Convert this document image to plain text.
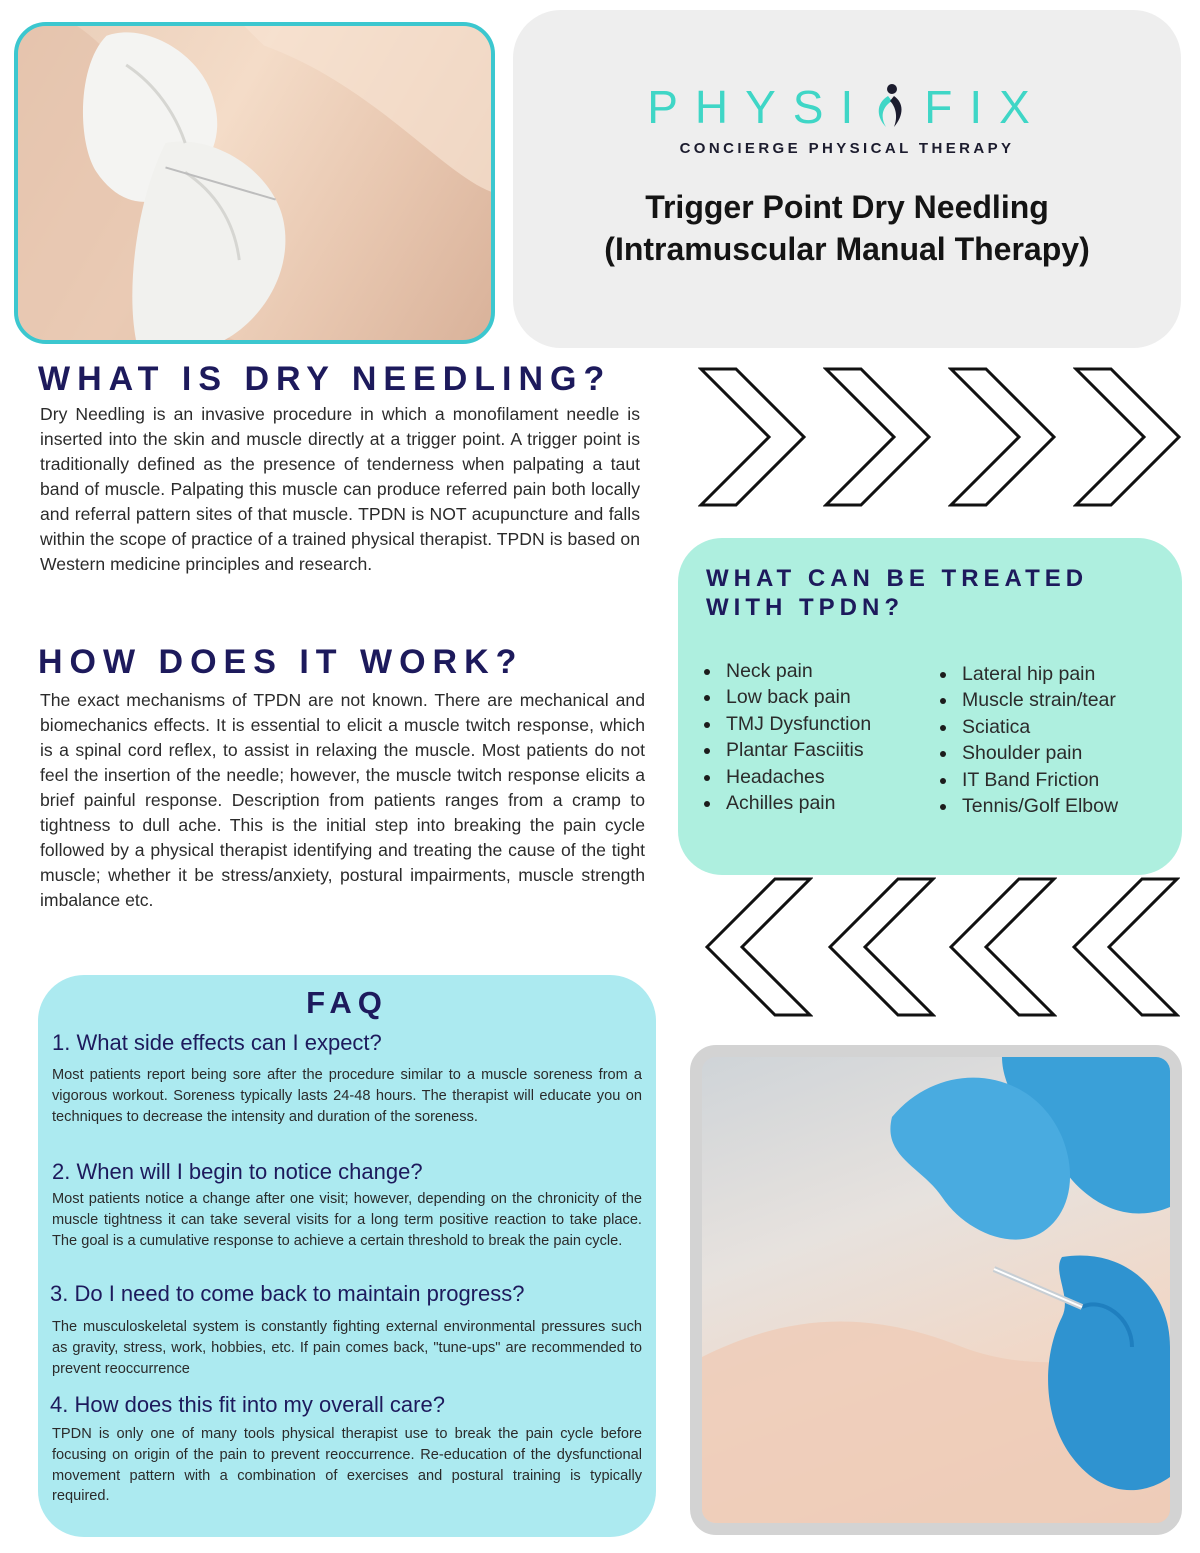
PHYSI FIX
CONCIERGE PHYSICAL THERAPY
Trigger Point Dry Needling
(Intramuscular Manual Therapy)
WHAT IS DRY NEEDLING?
Dry Needling is an invasive procedure in which a monofilament needle is inserted into the skin and muscle directly at a trigger point. A trigger point is traditionally defined as the presence of tenderness when palpating a taut band of muscle. Palpating this muscle can produce referred pain both locally and referral pattern sites of that muscle. TPDN is NOT acupuncture and falls within the scope of practice of a trained physical therapist. TPDN is based on Western medicine principles and research.
HOW DOES IT WORK?
The exact mechanisms of TPDN are not known. There are mechanical and biomechanics effects. It is essential to elicit a muscle twitch response, which is a spinal cord reflex, to assist in relaxing the muscle. Most patients do not feel the insertion of the needle; however, the muscle twitch response elicits a brief painful response. Description from patients ranges from a cramp to tightness to dull ache. This is the initial step into breaking the pain cycle followed by a physical therapist identifying and treating the cause of the tight muscle; whether it be stress/anxiety, postural impairments, muscle strength imbalance etc.
WHAT CAN BE TREATED WITH TPDN?
Neck pain
Low back pain
TMJ Dysfunction
Plantar Fasciitis
Headaches
Achilles pain
Lateral hip pain
Muscle strain/tear
Sciatica
Shoulder pain
IT Band Friction
Tennis/Golf Elbow
FAQ
1. What side effects can I expect?
Most patients report being sore after the procedure similar to a muscle soreness from a vigorous workout. Soreness typically lasts 24-48 hours. The therapist will educate you on techniques to decrease the intensity and duration of the soreness.
2. When will I begin to notice change?
Most patients notice a change after one visit; however, depending on the chronicity of the muscle tightness it can take several visits for a long term positive reaction to take place. The goal is a cumulative response to achieve a certain threshold to break the pain cycle.
3. Do I need to come back to maintain progress?
The musculoskeletal system is constantly fighting external environmental pressures such as gravity, stress, work, hobbies, etc. If pain comes back, "tune-ups" are recommended to prevent reoccurrence
4. How does this fit into my overall care?
TPDN is only one of many tools physical therapist use to break the pain cycle before focusing on origin of the pain to prevent reoccurrence. Re-education of the dysfunctional movement pattern with a combination of exercises and postural training is typically required.
